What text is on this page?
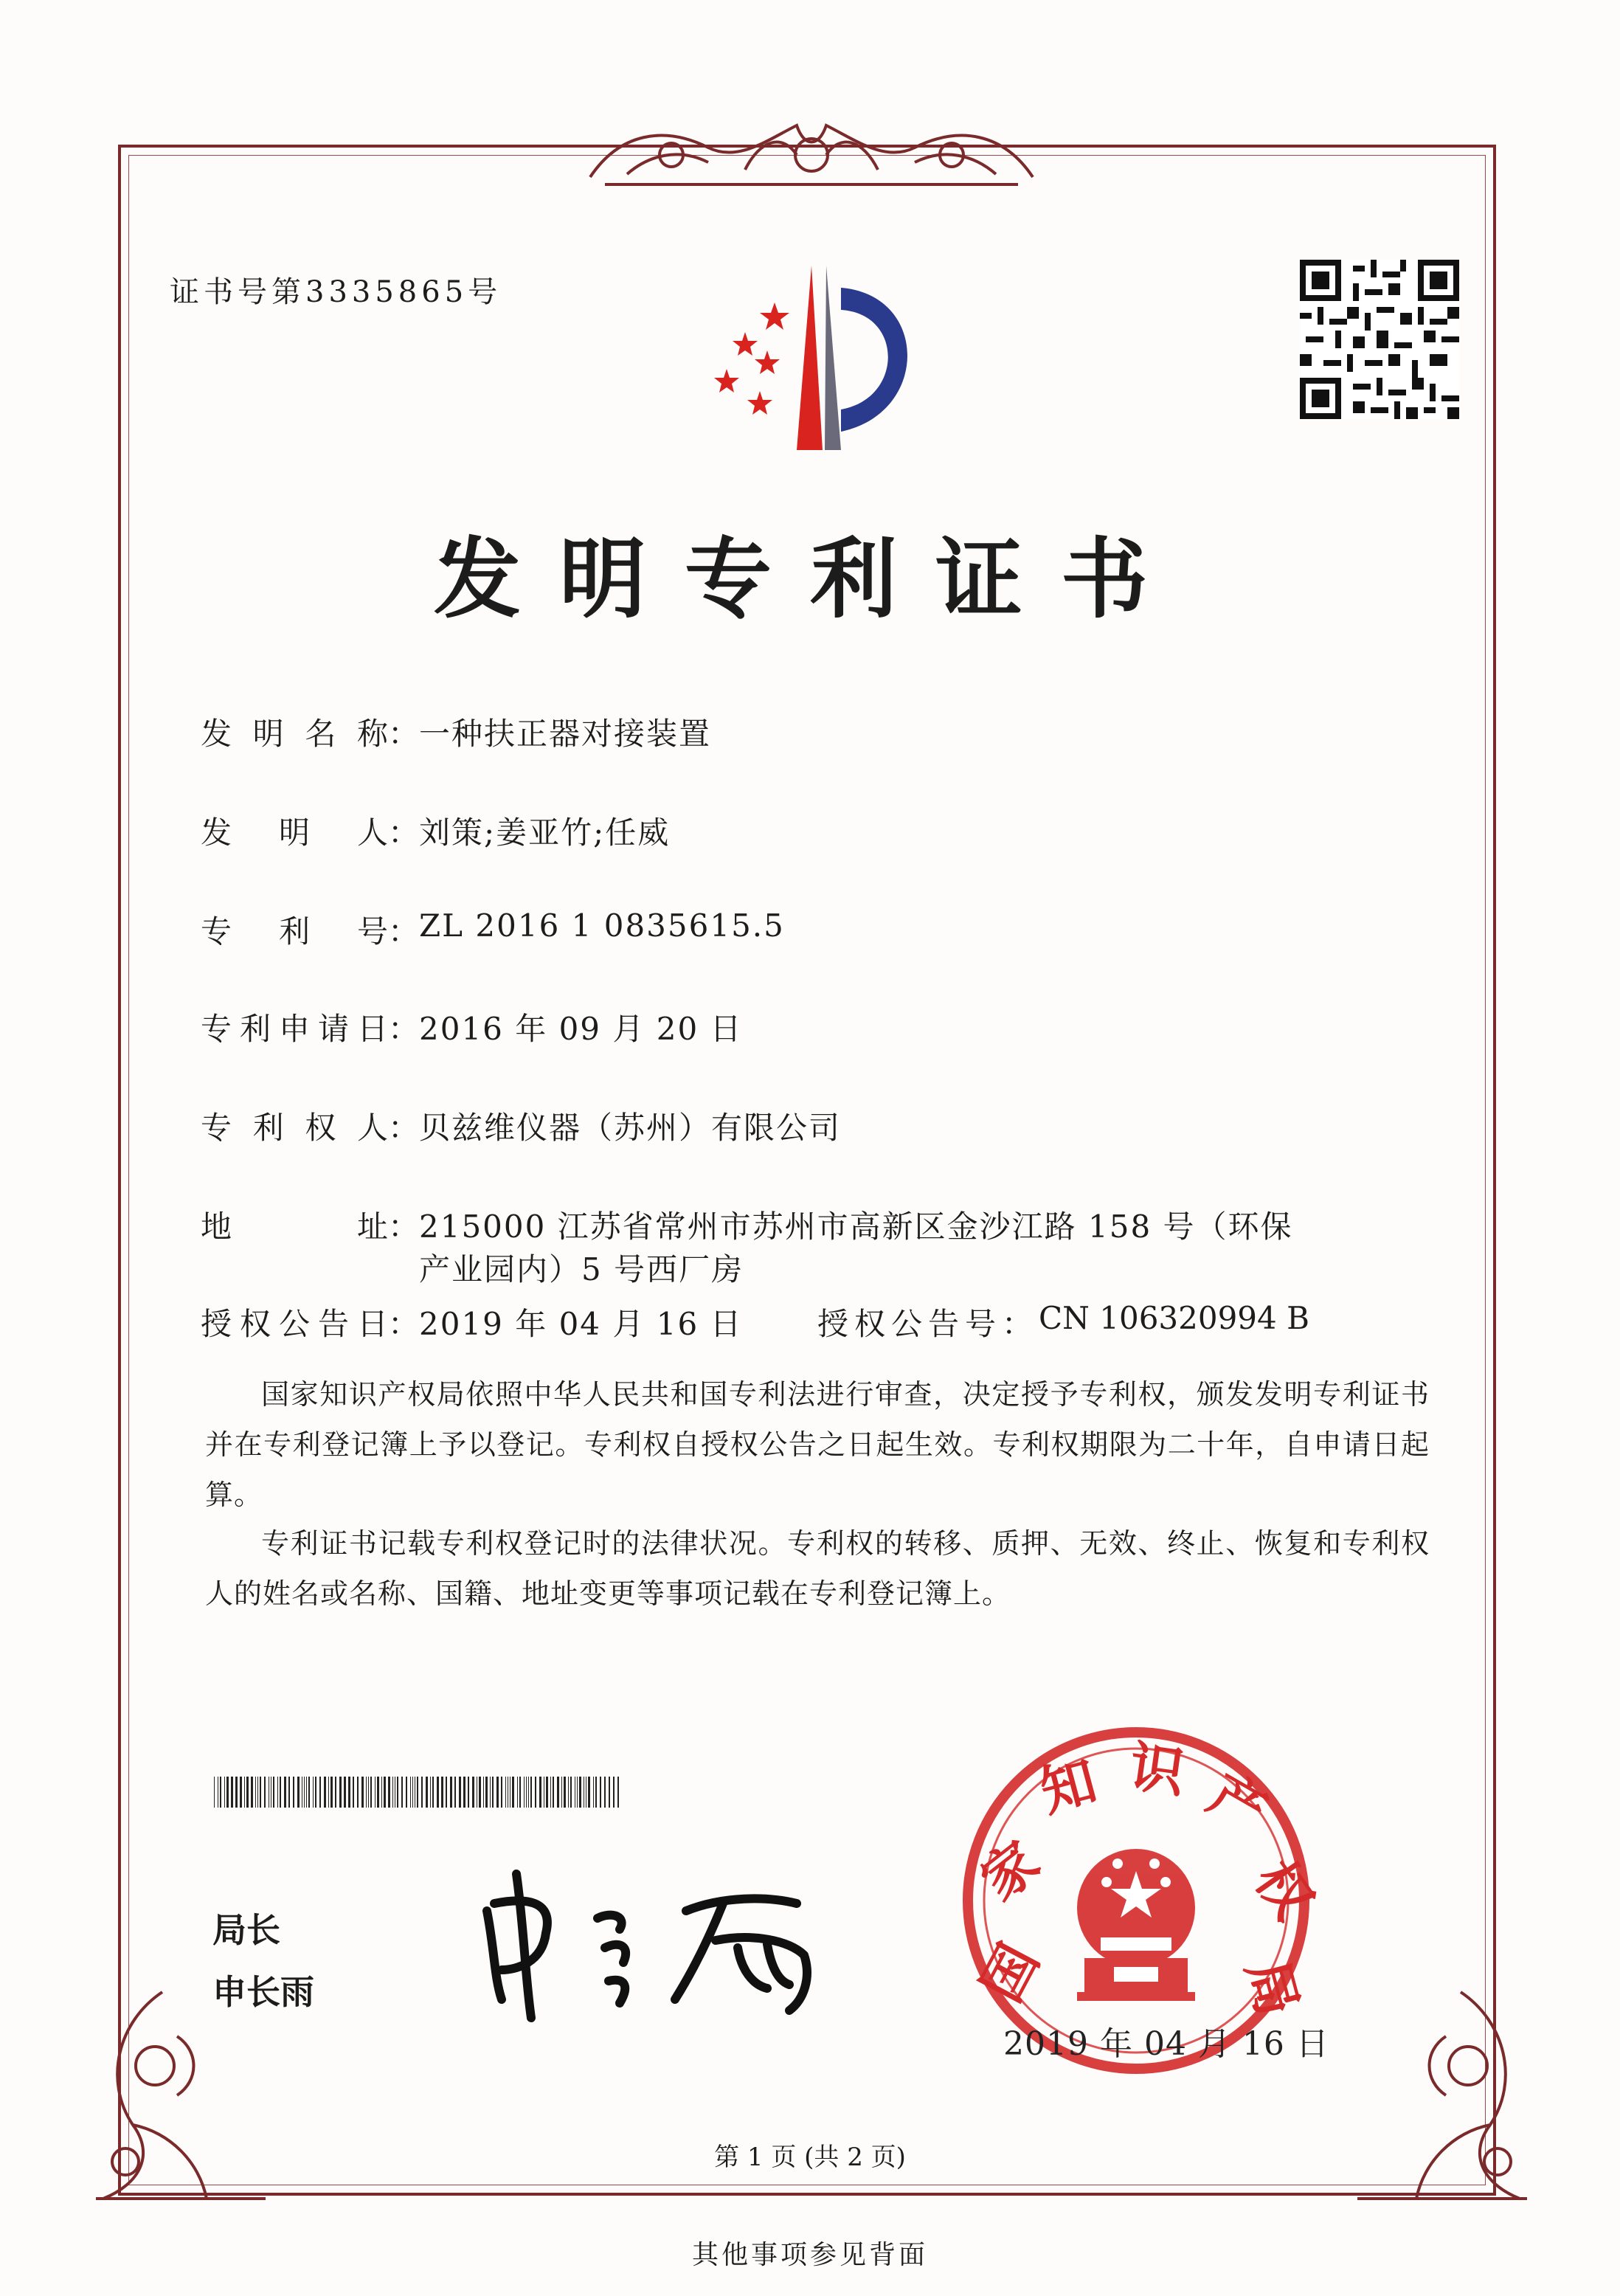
证书号第3335865号
发明专利证书
发 明 名 称： 一种扶正器对接装置
发 明 人： 刘策;姜亚竹;任威
专 利 号： ZL 2016 1 0835615.5
专 利 申 请 日： 2016 年 09 月 20 日
专 利 权 人： 贝兹维仪器（苏州）有限公司
地	址： 215000 江苏省常州市苏州市高新区金沙江路 158 号（环保
产业园内）5 号西厂房
授 权 公 告 日： 2019 年 04 月 16 日 授权公告号： CN 106320994 B
国家知识产权局依照中华人民共和国专利法进行审查，决定授予专利权，颁发发明专利证书并在专利登记簿上予以登记。专利权自授权公告之日起生效。专利权期限为二十年，自申请日起算。
专利证书记载专利权登记时的法律状况。专利权的转移、质押、无效、终止、恢复和专利权人的姓名或名称、国籍、地址变更等事项记载在专利登记簿上。
局长
申长雨	国
家
知 识 产
权
局
2019 年 04 月 16 日
第 1 页 (共 2 页)
其他事项参见背面
